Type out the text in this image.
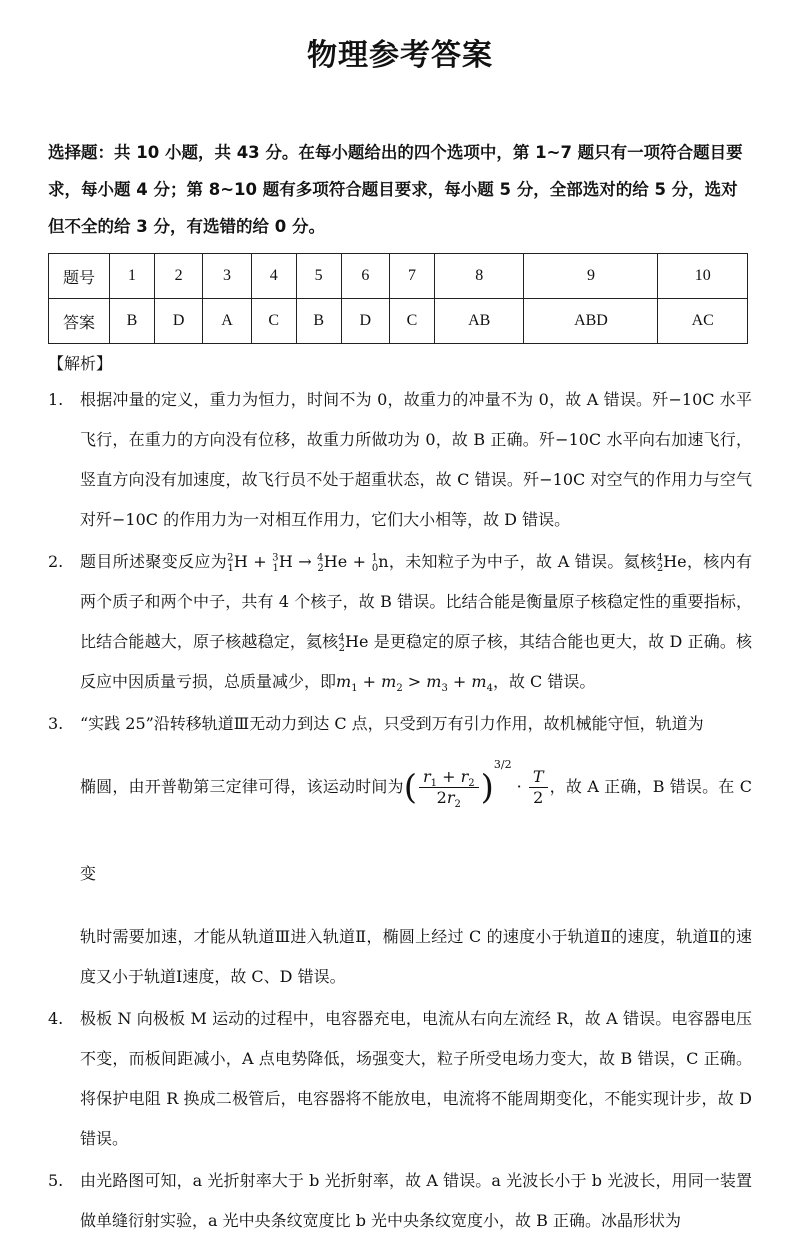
物理参考答案
选择题：共 10 小题，共 43 分。在每小题给出的四个选项中，第 1~7 题只有一项符合题目要求，每小题 4 分；第 8~10 题有多项符合题目要求，每小题 5 分，全部选对的给 5 分，选对但不全的给 3 分，有选错的给 0 分。
题号	1	2	3	4	5	6	7	8	9	10
答案	B	D	A	C	B	D	C	AB	ABD	AC
【解析】
1. 根据冲量的定义，重力为恒力，时间不为 0，故重力的冲量不为 0，故 A 错误。歼−10C 水平飞行，在重力的方向没有位移，故重力所做功为 0，故 B 正确。歼−10C 水平向右加速飞行，竖直方向没有加速度，故飞行员不处于超重状态，故 C 错误。歼−10C 对空气的作用力与空气对歼−10C 的作用力为一对相互作用力，它们大小相等，故 D 错误。
2. 题目所述聚变反应为$^2_1$H + $^3_1$H → $^4_2$He + $^1_0$n，未知粒子为中子，故 A 错误。氦核$^4_2$He，核内有两个质子和两个中子，共有 4 个核子，故 B 错误。比结合能是衡量原子核稳定性的重要指标，比结合能越大，原子核越稳定，氦核$^4_2$He 是更稳定的原子核，其结合能也更大，故 D 正确。核反应中因质量亏损，总质量减少，即$m_1 + m_2 > m_3 + m_4$，故 C 错误。
3. “实践 25”沿转移轨道Ⅲ无动力到达 C 点，只受到万有引力作用，故机械能守恒，轨道为
椭圆，由开普勒第三定律可得，该运动时间为( $\frac{r_1 + r_2}{2r_2} )^{3/2} \cdot \frac{T}{2}$ ，故 A 正确，B 错误。在 C 变
轨时需要加速，才能从轨道Ⅲ进入轨道Ⅱ，椭圆上经过 C 的速度小于轨道Ⅱ的速度，轨道Ⅱ的速度又小于轨道Ⅰ速度，故 C、D 错误。
4. 极板 N 向极板 M 运动的过程中，电容器充电，电流从右向左流经 R，故 A 错误。电容器电压不变，而板间距减小，A 点电势降低，场强变大，粒子所受电场力变大，故 B 错误，C 正确。将保护电阻 R 换成二极管后，电容器将不能放电，电流将不能周期变化，不能实现计步，故 D 错误。
5. 由光路图可知，a 光折射率大于 b 光折射率，故 A 错误。a 光波长小于 b 光波长，用同一装置做单缝衍射实验，a 光中央条纹宽度比 b 光中央条纹宽度小，故 B 正确。冰晶形状为
